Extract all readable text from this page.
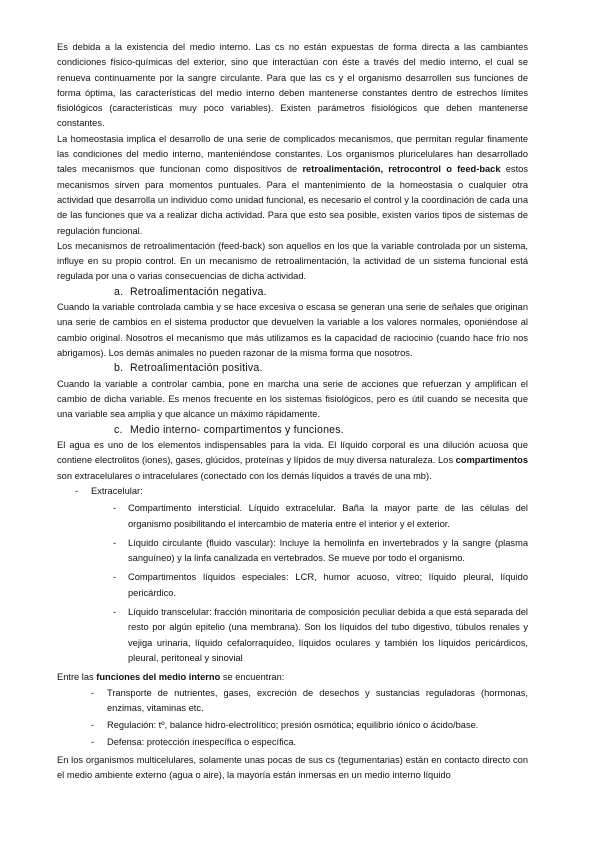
Es debida a la existencia del medio interno. Las cs no están expuestas de forma directa a las cambiantes condiciones físico-químicas del exterior, sino que interactúan con éste a través del medio interno, el cual se renueva continuamente por la sangre circulante. Para que las cs y el organismo desarrollen sus funciones de forma óptima, las características del medio interno deben mantenerse constantes dentro de estrechos límites fisiológicos (características muy poco variables). Existen parámetros fisiológicos que deben mantenerse constantes.

La homeostasia implica el desarrollo de una serie de complicados mecanismos, que permitan regular finamente las condiciones del medio interno, manteniéndose constantes. Los organismos pluricelulares han desarrollado tales mecanismos que funcionan como dispositivos de retroalimentación, retrocontrol o feed-back estos mecanismos sirven para momentos puntuales. Para el mantenimiento de la homeostasia o cualquier otra actividad que desarrolla un individuo como unidad funcional, es necesario el control y la coordinación de cada una de las funciones que va a realizar dicha actividad. Para que esto sea posible, existen varios tipos de sistemas de regulación funcional.

Los mecanismos de retroalimentación (feed-back) son aquellos en los que la variable controlada por un sistema, influye en su propio control. En un mecanismo de retroalimentación, la actividad de un sistema funcional está regulada por una o varias consecuencias de dicha actividad.

a. Retroalimentación negativa.

Cuando la variable controlada cambia y se hace excesiva o escasa se generan una serie de señales que originan una serie de cambios en el sistema productor que devuelven la variable a los valores normales, oponiéndose al cambio original. Nosotros el mecanismo que más utilizamos es la capacidad de raciocinio (cuando hace frío nos abrigamos). Los demás animales no pueden razonar de la misma forma que nosotros.

b. Retroalimentación positiva.

Cuando la variable a controlar cambia, pone en marcha una serie de acciones que refuerzan y amplifican el cambio de dicha variable. Es menos frecuente en los sistemas fisiológicos, pero es útil cuando se necesita que una variable sea amplia y que alcance un máximo rápidamente.

c. Medio interno- compartimentos y funciones.

El agua es uno de los elementos indispensables para la vida. El líquido corporal es una dilución acuosa que contiene electrolitos (iones), gases, glúcidos, proteínas y lípidos de muy diversa naturaleza. Los compartimentos son extracelulares o intracelulares (conectado con los demás líquidos a través de una mb).

- Extracelular:
- Compartimento intersticial. Líquido extracelular. Baña la mayor parte de las células del organismo posibilitando el intercambio de materia entre el interior y el exterior.
- Líquido circulante (fluido vascular): Incluye la hemolinfa en invertebrados y la sangre (plasma sanguíneo) y la linfa canalizada en vertebrados. Se mueve por todo el organismo.
- Compartimentos líquidos especiales: LCR, humor acuoso, vítreo; líquido pleural, líquido pericárdico.
- Líquido transcelular: fracción minoritaria de composición peculiar debida a que está separada del resto por algún epitelio (una membrana). Son los líquidos del tubo digestivo, túbulos renales y vejiga urinaria, líquido cefalorraquídeo, líquidos oculares y también los líquidos pericárdicos, pleural, peritoneal y sinovial

Entre las funciones del medio interno se encuentran:

- Transporte de nutrientes, gases, excreción de desechos y sustancias reguladoras (hormonas, enzimas, vitaminas etc.
- Regulación: tº, balance hidro-electrolítico; presión osmótica; equilibrio iónico o ácido/base.
- Defensa: protección inespecífica o específica.

En los organismos multicelulares, solamente unas pocas de sus cs (tegumentarias) están en contacto directo con el medio ambiente externo (agua o aire), la mayoría están inmersas en un medio interno líquido
